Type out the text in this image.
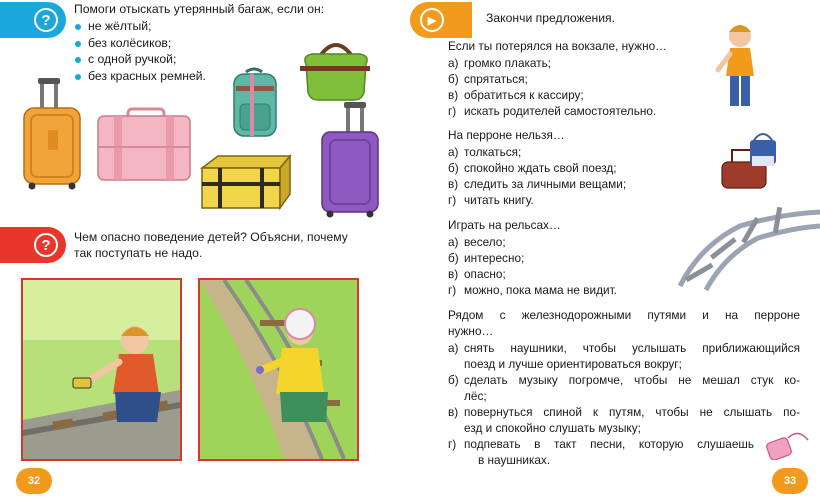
?
Помоги отыскать утерянный багаж, если он:
не жёлтый;
без колёсиков;
с одной ручкой;
без красных ремней.
?	Чем опасно поведение детей? Объясни, почему
так поступать не надо.
32
▶	Закончи предложения.
Если ты потерялся на вокзале, нужно…
а) громко плакать;
б) спрятаться;
в) обратиться к кассиру;
г) искать родителей самостоятельно.
На перроне нельзя…
а) толкаться;
б) спокойно ждать свой поезд;
в) следить за личными вещами;
г) читать книгу.
Играть на рельсах…
а) весело;
б) интересно;
в) опасно;
г) можно, пока мама не видит.
Рядом с железнодорожными путями и на перроне
нужно…
а) снять наушники, чтобы услышать приближающийся
поезд и лучше ориентироваться вокруг;
б) сделать музыку погромче, чтобы не мешал стук ко-
лёс;
в) повернуться спиной к путям, чтобы не слышать по-
езд и спокойно слушать музыку;
г) подпевать в такт песни, которую слушаешь
в наушниках.
33
